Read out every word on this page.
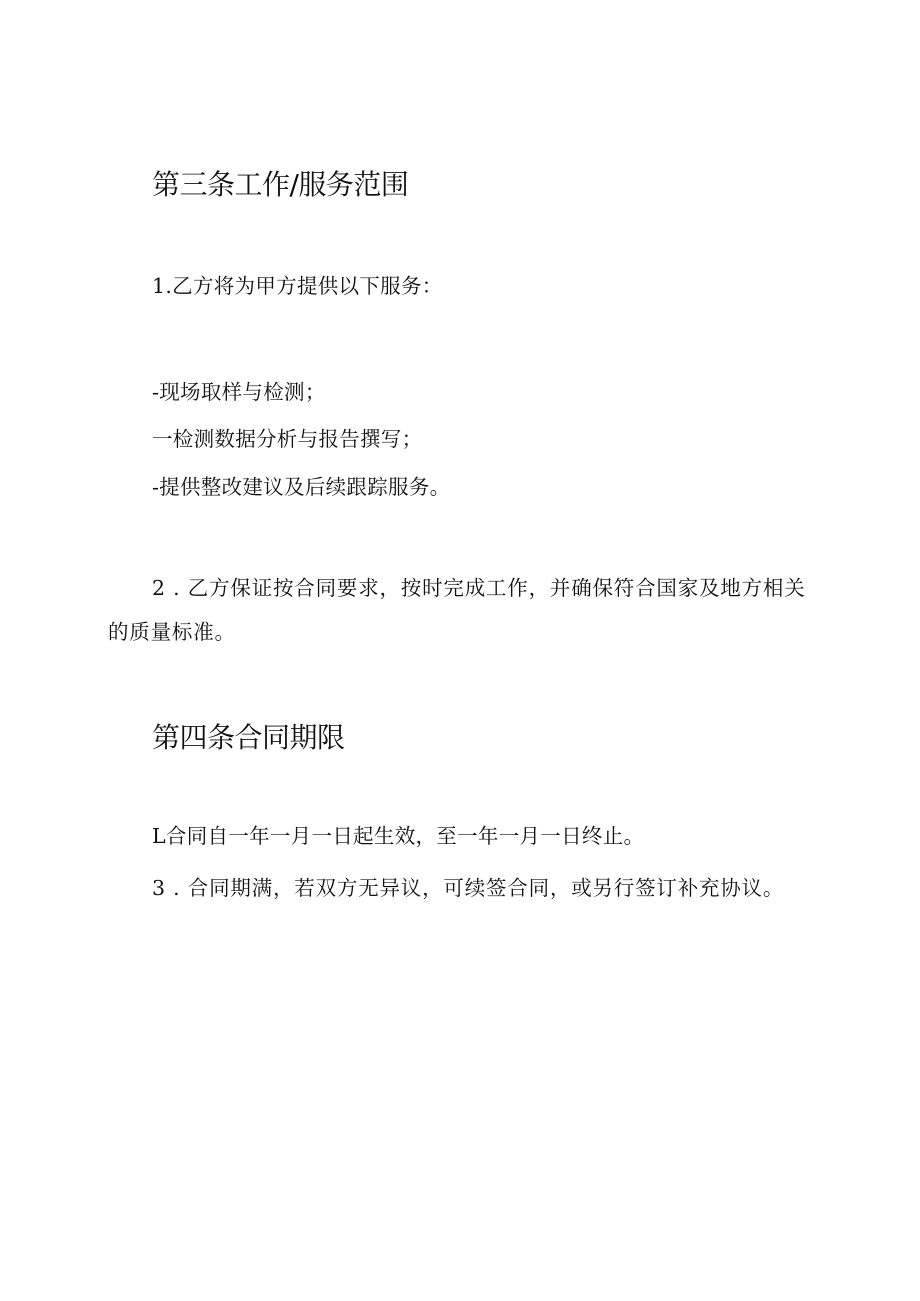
第三条工作/服务范围
1.乙方将为甲方提供以下服务：
-现场取样与检测；
一检测数据分析与报告撰写；
-提供整改建议及后续跟踪服务。
2 . 乙方保证按合同要求，按时完成工作，并确保符合国家及地方相关的质量标准。
第四条合同期限
L合同自一年一月一日起生效，至一年一月一日终止。
3 . 合同期满，若双方无异议，可续签合同，或另行签订补充协议。
